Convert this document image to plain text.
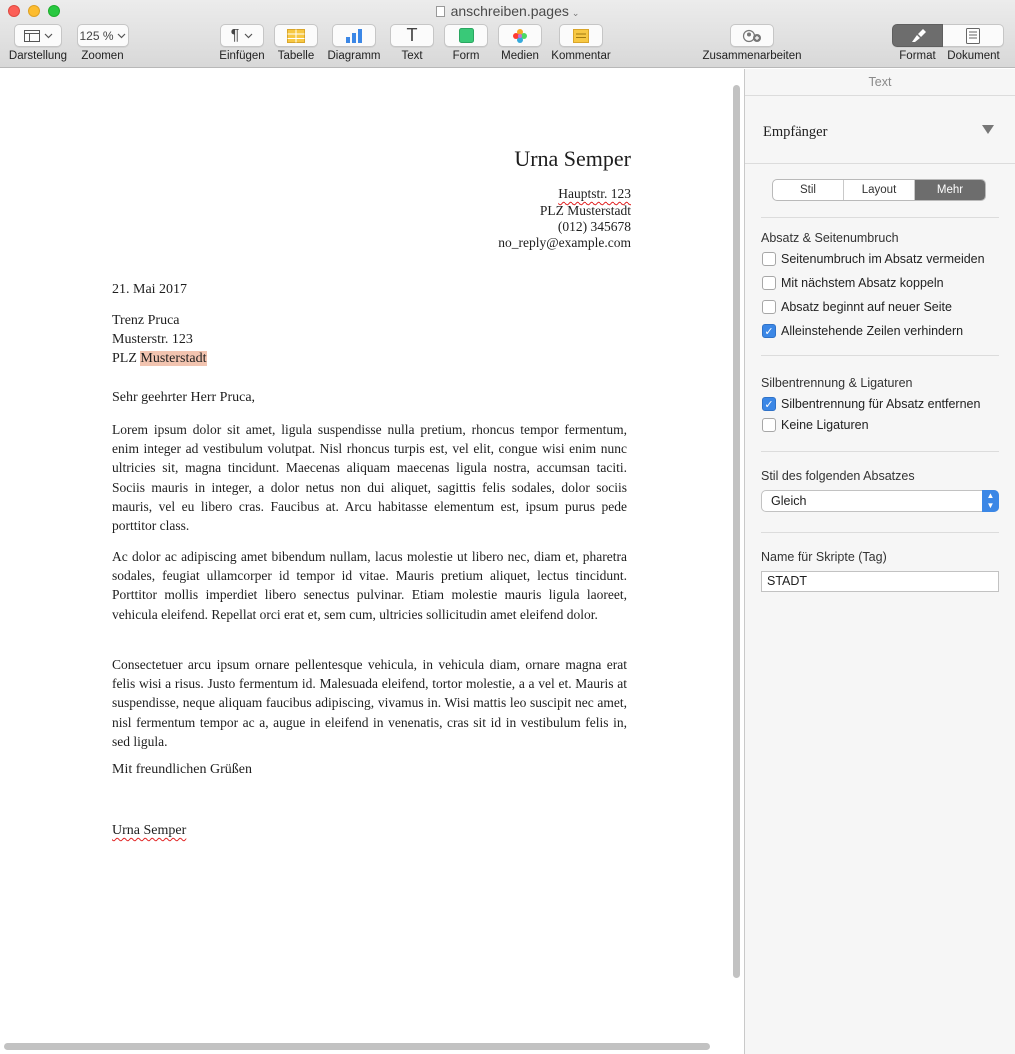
anschreiben.pages ⌄
Darstellung
125 %
Zoomen
¶
Einfügen	Tabelle	Diagramm
T
Text	Form	Medien	Kommentar	Zusammenarbeiten	Format	Dokument
Urna Semper
Hauptstr. 123
PLZ Musterstadt
(012) 345678
no_reply@example.com
21. Mai 2017
Trenz Pruca
Musterstr. 123
PLZ Musterstadt
Sehr geehrter Herr Pruca,
Lorem ipsum dolor sit amet, ligula suspendisse nulla pretium, rhoncus tempor fermentum, enim integer ad vestibulum volutpat. Nisl rhoncus turpis est, vel elit, congue wisi enim nunc ultricies sit, magna tincidunt. Maecenas aliquam maecenas ligula nostra, accumsan taciti. Sociis mauris in integer, a dolor netus non dui aliquet, sagittis felis sodales, dolor sociis mauris, vel eu libero cras. Faucibus at. Arcu habitasse elementum est, ipsum purus pede porttitor class.
Ac dolor ac adipiscing amet bibendum nullam, lacus molestie ut libero nec, diam et, pharetra sodales, feugiat ullamcorper id tempor id vitae. Mauris pretium aliquet, lectus tincidunt. Porttitor mollis imperdiet libero senectus pulvinar. Etiam molestie mauris ligula laoreet, vehicula eleifend. Repellat orci erat et, sem cum, ultricies sollicitudin amet eleifend dolor.
Consectetuer arcu ipsum ornare pellentesque vehicula, in vehicula diam, ornare magna erat felis wisi a risus. Justo fermentum id. Malesuada eleifend, tortor molestie, a a vel et. Mauris at suspendisse, neque aliquam faucibus adipiscing, vivamus in. Wisi mattis leo suscipit nec amet, nisl fermentum tempor ac a, augue in eleifend in venenatis, cras sit id in vestibulum felis in, sed ligula.
Mit freundlichen Grüßen
Urna Semper
Text
Empfänger
Stil	Layout	Mehr
Absatz & Seitenumbruch
Seitenumbruch im Absatz vermeiden
Mit nächstem Absatz koppeln
Absatz beginnt auf neuer Seite
✓ Alleinstehende Zeilen verhindern
Silbentrennung & Ligaturen
✓ Silbentrennung für Absatz entfernen
Keine Ligaturen
Stil des folgenden Absatzes
Gleich	▲
▼
Name für Skripte (Tag)
STADT
